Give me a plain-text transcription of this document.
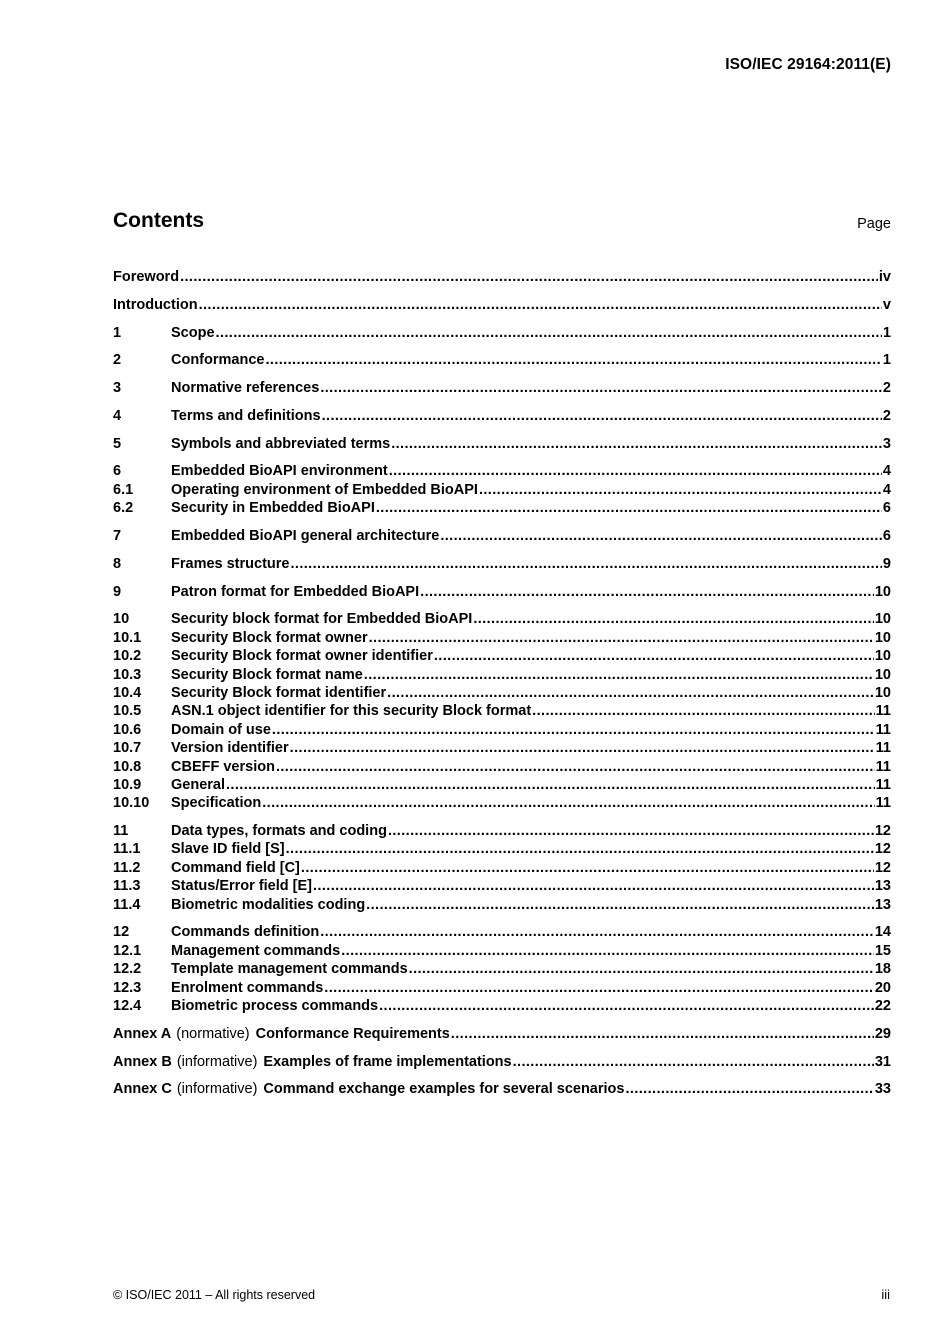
ISO/IEC 29164:2011(E)
Contents	Page
Foreword .....	iv
Introduction .....	v
1	Scope .....	1
2	Conformance .....	1
3	Normative references .....	2
4	Terms and definitions .....	2
5	Symbols and abbreviated terms .....	3
6	Embedded BioAPI environment .....	4
6.1	Operating environment of Embedded BioAPI .....	4
6.2	Security in Embedded BioAPI .....	6
7	Embedded BioAPI general architecture .....	6
8	Frames structure .....	9
9	Patron format for Embedded BioAPI .....	10
10	Security block format for Embedded BioAPI .....	10
10.1	Security Block format owner .....	10
10.2	Security Block format owner identifier .....	10
10.3	Security Block format name .....	10
10.4	Security Block format identifier .....	10
10.5	ASN.1 object identifier for this security Block format .....	11
10.6	Domain of use .....	11
10.7	Version identifier .....	11
10.8	CBEFF version .....	11
10.9	General .....	11
10.10	Specification .....	11
11	Data types, formats and coding .....	12
11.1	Slave ID field [S] .....	12
11.2	Command field [C] .....	12
11.3	Status/Error field [E] .....	13
11.4	Biometric modalities coding .....	13
12	Commands definition .....	14
12.1	Management commands .....	15
12.2	Template management commands .....	18
12.3	Enrolment commands .....	20
12.4	Biometric process commands .....	22
Annex A (normative) Conformance Requirements .....	29
Annex B (informative) Examples of frame implementations .....	31
Annex C (informative) Command exchange examples for several scenarios .....	33
© ISO/IEC 2011 – All rights reserved	iii
